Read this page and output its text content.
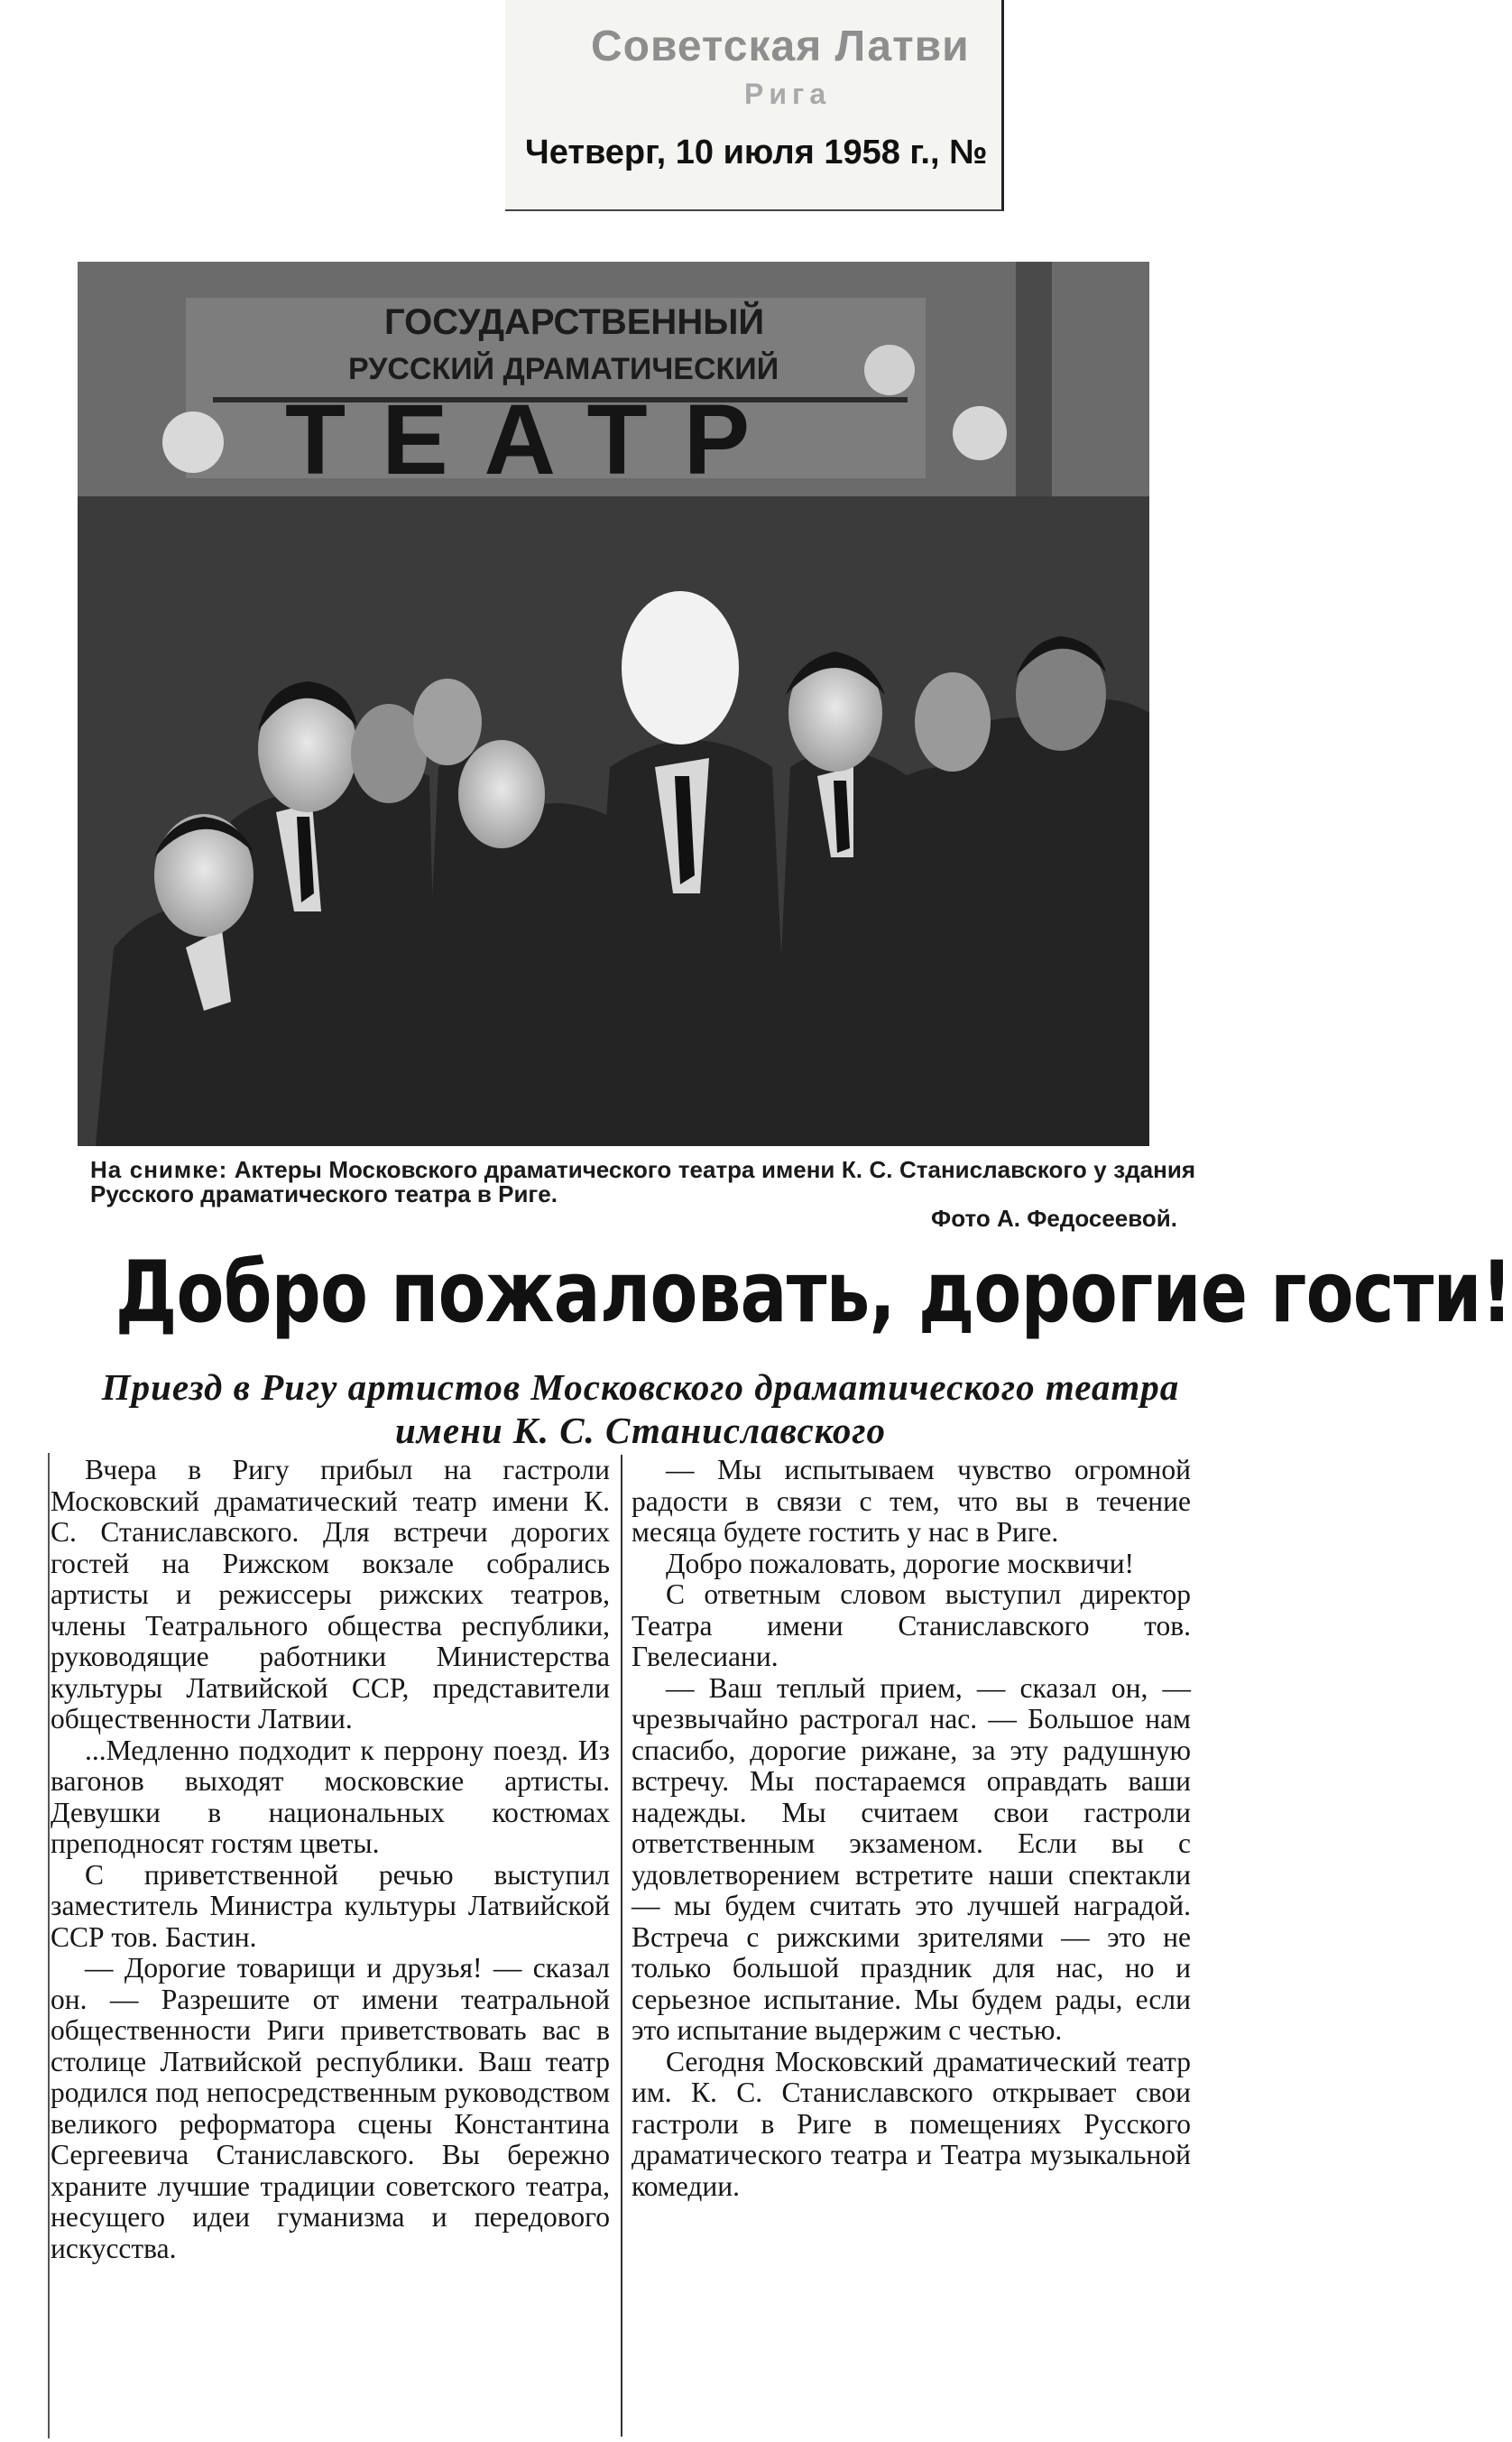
Советская Латви
Рига
Четверг, 10 июля 1958 г., №
ГОСУДАРСТВЕННЫЙ
РУССКИЙ ДРАМАТИЧЕСКИЙ
ТЕАТР
На снимке: Актеры Московского драматического театра имени К. С. Станиславского у здания Русского драматического театра в Риге.
Фото А. Федосеевой.
Добро пожаловать, дорогие гости!
Приезд в Ригу артистов Московского драматического театра имени К. С. Станиславского

Вчера в Ригу прибыл на гастроли Московский драматический театр имени К. С. Станиславского. Для встречи дорогих гостей на Рижском вокзале собрались артисты и режиссеры рижских театров, члены Театрального общества республики, руководящие работники Министерства культуры Латвийской ССР, представители общественности Латвии.

...Медленно подходит к перрону поезд. Из вагонов выходят московские артисты. Девушки в национальных костюмах преподносят гостям цветы.

С приветственной речью выступил заместитель Министра культуры Латвийской ССР тов. Бастин.

— Дорогие товарищи и друзья! — сказал он. — Разрешите от имени театральной общественности Риги приветствовать вас в столице Латвийской республики. Ваш театр родился под непосредственным руководством великого реформатора сцены Константина Сергеевича Станиславского. Вы бережно храните лучшие традиции советского театра, несущего идеи гуманизма и передового искусства.

— Мы испытываем чувство огромной радости в связи с тем, что вы в течение месяца будете гостить у нас в Риге.

Добро пожаловать, дорогие москвичи!

С ответным словом выступил директор Театра имени Станиславского тов. Гвелесиани.

— Ваш теплый прием, — сказал он, — чрезвычайно растрогал нас. — Большое нам спасибо, дорогие рижане, за эту радушную встречу. Мы постараемся оправдать ваши надежды. Мы считаем свои гастроли ответственным экзаменом. Если вы с удовлетворением встретите наши спектакли — мы будем считать это лучшей наградой. Встреча с рижскими зрителями — это не только большой праздник для нас, но и серьезное испытание. Мы будем рады, если это испытание выдержим с честью.

Сегодня Московский драматический театр им. К. С. Станиславского открывает свои гастроли в Риге в помещениях Русского драматического театра и Театра музыкальной комедии.
